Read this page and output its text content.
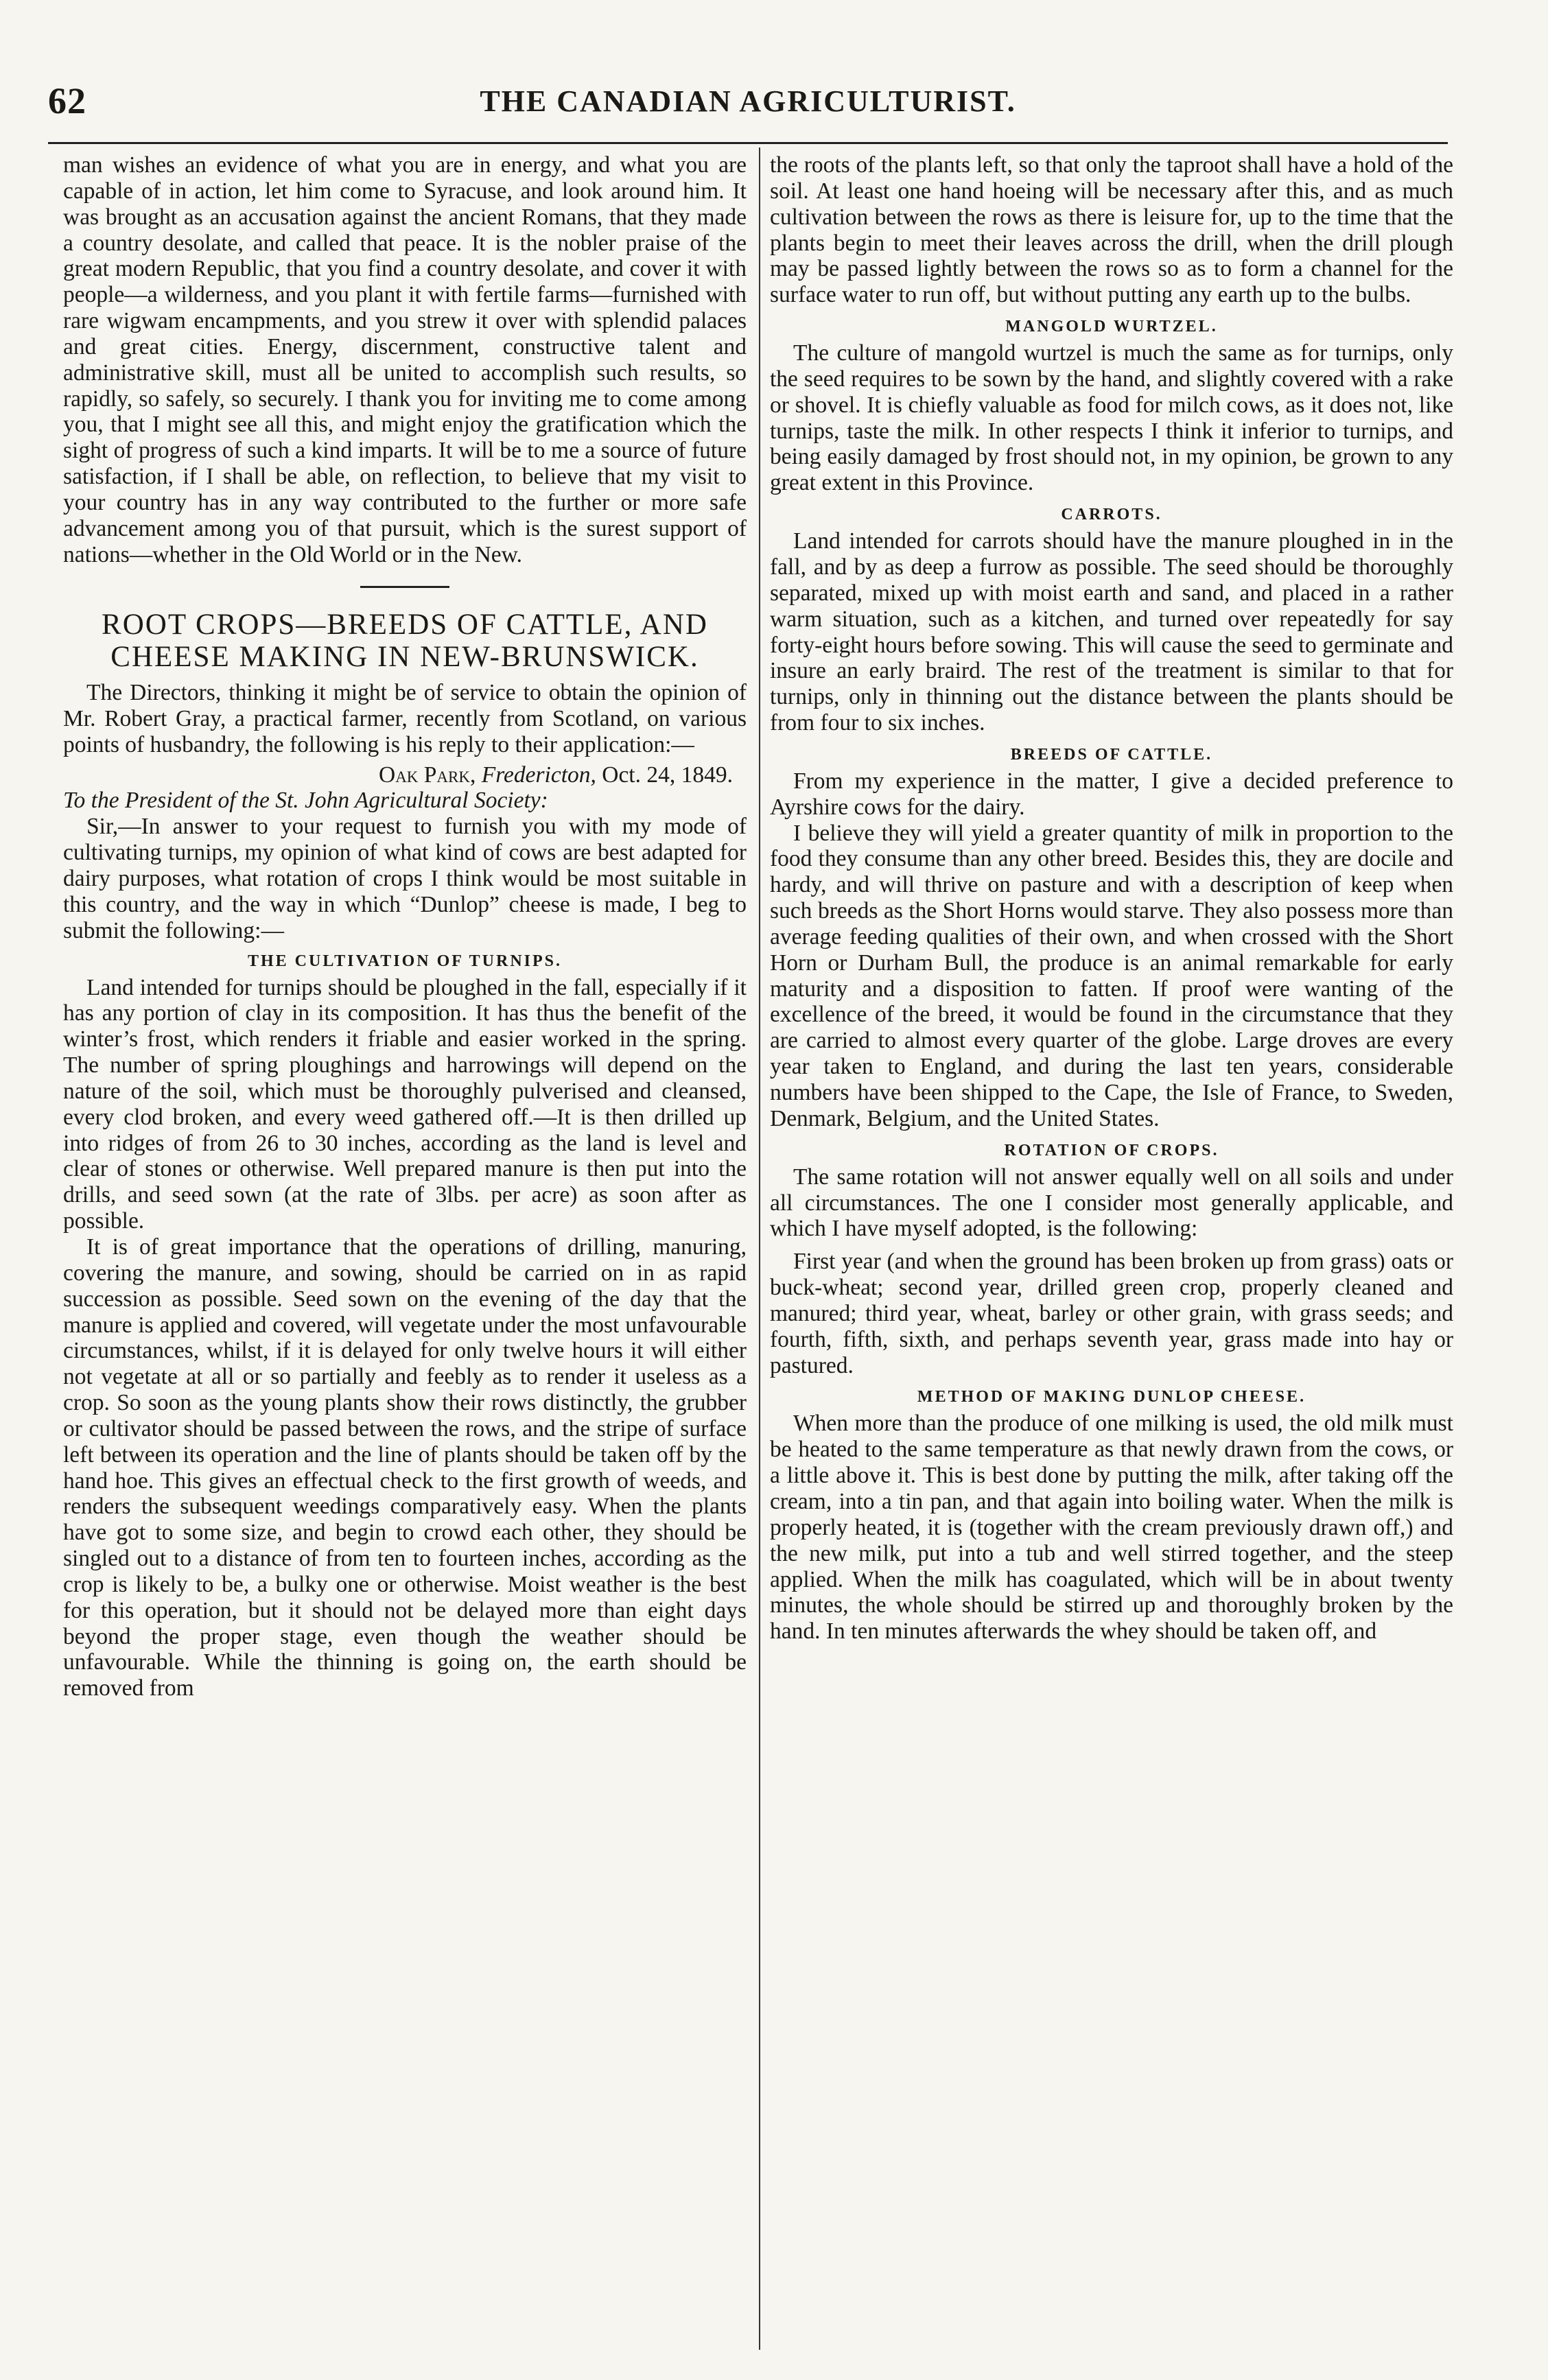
62	THE CANADIAN AGRICULTURIST.

man wishes an evidence of what you are in energy, and what you are capable of in action, let him come to Syracuse, and look around him. It was brought as an accusation against the ancient Romans, that they made a country desolate, and called that peace. It is the nobler praise of the great modern Republic, that you find a country desolate, and cover it with people—a wilderness, and you plant it with fertile farms—furnished with rare wigwam encampments, and you strew it over with splendid palaces and great cities. Energy, discernment, constructive talent and administrative skill, must all be united to accomplish such results, so rapidly, so safely, so securely. I thank you for inviting me to come among you, that I might see all this, and might enjoy the gratification which the sight of progress of such a kind imparts. It will be to me a source of future satisfaction, if I shall be able, on reflection, to believe that my visit to your country has in any way contributed to the further or more safe advancement among you of that pursuit, which is the surest support of nations—whether in the Old World or in the New.

ROOT CROPS—BREEDS OF CATTLE, AND
CHEESE MAKING IN NEW-BRUNSWICK.

The Directors, thinking it might be of service to obtain the opinion of Mr. Robert Gray, a practical farmer, recently from Scotland, on various points of husbandry, the following is his reply to their application:—

Oak Park, Fredericton, Oct. 24, 1849.

To the President of the St. John Agricultural Society:

Sir,—In answer to your request to furnish you with my mode of cultivating turnips, my opinion of what kind of cows are best adapted for dairy purposes, what rotation of crops I think would be most suitable in this country, and the way in which “Dunlop” cheese is made, I beg to submit the following:—

THE CULTIVATION OF TURNIPS.

Land intended for turnips should be ploughed in the fall, especially if it has any portion of clay in its composition. It has thus the benefit of the winter’s frost, which renders it friable and easier worked in the spring. The number of spring ploughings and harrowings will depend on the nature of the soil, which must be thoroughly pulverised and cleansed, every clod broken, and every weed gathered off.—It is then drilled up into ridges of from 26 to 30 inches, according as the land is level and clear of stones or otherwise. Well prepared manure is then put into the drills, and seed sown (at the rate of 3lbs. per acre) as soon after as possible.

It is of great importance that the operations of drilling, manuring, covering the manure, and sowing, should be carried on in as rapid succession as possible. Seed sown on the evening of the day that the manure is applied and covered, will vegetate under the most unfavourable circumstances, whilst, if it is delayed for only twelve hours it will either not vegetate at all or so partially and feebly as to render it useless as a crop. So soon as the young plants show their rows distinctly, the grubber or cultivator should be passed between the rows, and the stripe of surface left between its operation and the line of plants should be taken off by the hand hoe. This gives an effectual check to the first growth of weeds, and renders the subsequent weedings comparatively easy. When the plants have got to some size, and begin to crowd each other, they should be singled out to a distance of from ten to fourteen inches, according as the crop is likely to be, a bulky one or otherwise. Moist weather is the best for this operation, but it should not be delayed more than eight days beyond the proper stage, even though the weather should be unfavourable. While the thinning is going on, the earth should be removed from

the roots of the plants left, so that only the taproot shall have a hold of the soil. At least one hand hoeing will be necessary after this, and as much cultivation between the rows as there is leisure for, up to the time that the plants begin to meet their leaves across the drill, when the drill plough may be passed lightly between the rows so as to form a channel for the surface water to run off, but without putting any earth up to the bulbs.

MANGOLD WURTZEL.

The culture of mangold wurtzel is much the same as for turnips, only the seed requires to be sown by the hand, and slightly covered with a rake or shovel. It is chiefly valuable as food for milch cows, as it does not, like turnips, taste the milk. In other respects I think it inferior to turnips, and being easily damaged by frost should not, in my opinion, be grown to any great extent in this Province.

CARROTS.

Land intended for carrots should have the manure ploughed in in the fall, and by as deep a furrow as possible. The seed should be thoroughly separated, mixed up with moist earth and sand, and placed in a rather warm situation, such as a kitchen, and turned over repeatedly for say forty-eight hours before sowing. This will cause the seed to germinate and insure an early braird. The rest of the treatment is similar to that for turnips, only in thinning out the distance between the plants should be from four to six inches.

BREEDS OF CATTLE.

From my experience in the matter, I give a decided preference to Ayrshire cows for the dairy.

I believe they will yield a greater quantity of milk in proportion to the food they consume than any other breed. Besides this, they are docile and hardy, and will thrive on pasture and with a description of keep when such breeds as the Short Horns would starve. They also possess more than average feeding qualities of their own, and when crossed with the Short Horn or Durham Bull, the produce is an animal remarkable for early maturity and a disposition to fatten. If proof were wanting of the excellence of the breed, it would be found in the circumstance that they are carried to almost every quarter of the globe. Large droves are every year taken to England, and during the last ten years, considerable numbers have been shipped to the Cape, the Isle of France, to Sweden, Denmark, Belgium, and the United States.

ROTATION OF CROPS.

The same rotation will not answer equally well on all soils and under all circumstances. The one I consider most generally applicable, and which I have myself adopted, is the following:

First year (and when the ground has been broken up from grass) oats or buck-wheat; second year, drilled green crop, properly cleaned and manured; third year, wheat, barley or other grain, with grass seeds; and fourth, fifth, sixth, and perhaps seventh year, grass made into hay or pastured.

METHOD OF MAKING DUNLOP CHEESE.

When more than the produce of one milking is used, the old milk must be heated to the same temperature as that newly drawn from the cows, or a little above it. This is best done by putting the milk, after taking off the cream, into a tin pan, and that again into boiling water. When the milk is properly heated, it is (together with the cream previously drawn off,) and the new milk, put into a tub and well stirred together, and the steep applied. When the milk has coagulated, which will be in about twenty minutes, the whole should be stirred up and thoroughly broken by the hand. In ten minutes afterwards the whey should be taken off, and
